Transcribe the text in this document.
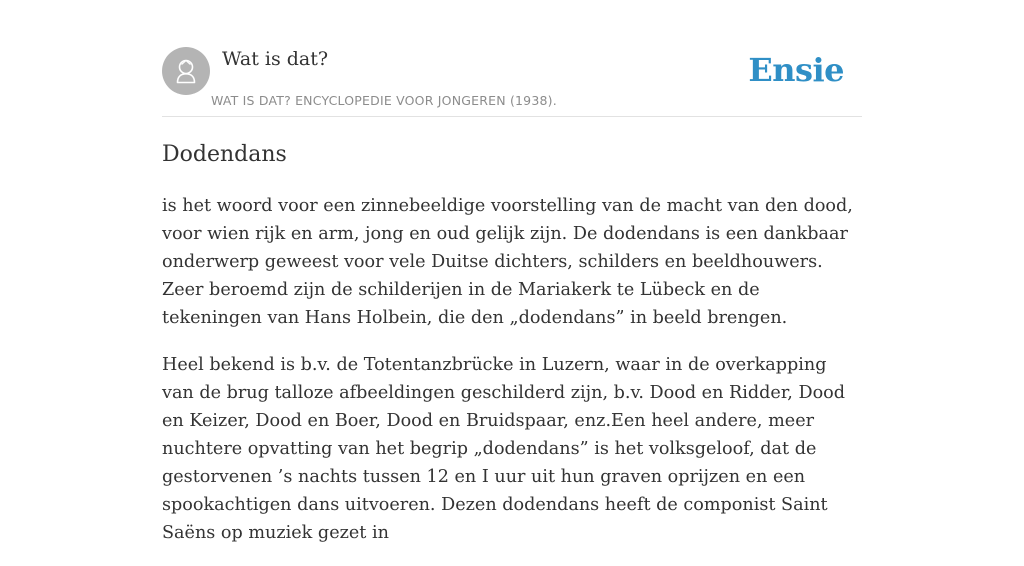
Wat is dat?
WAT IS DAT? ENCYCLOPEDIE VOOR JONGEREN (1938).
Ensie
Dodendans

is het woord voor een zinnebeeldige voorstelling van de macht van den dood, voor wien rijk en arm, jong en oud gelijk zijn. De dodendans is een dankbaar onderwerp geweest voor vele Duitse dichters, schilders en beeldhouwers. Zeer beroemd zijn de schilderijen in de Mariakerk te Lübeck en de tekeningen van Hans Holbein, die den „dodendans” in beeld brengen.

Heel bekend is b.v. de Totentanzbrücke in Luzern, waar in de overkapping van de brug talloze afbeeldingen geschilderd zijn, b.v. Dood en Ridder, Dood en Keizer, Dood en Boer, Dood en Bruidspaar, enz.Een heel andere, meer nuchtere opvatting van het begrip „dodendans” is het volksgeloof, dat de gestorvenen ’s nachts tussen 12 en I uur uit hun graven oprijzen en een spookachtigen dans uitvoeren. Dezen dodendans heeft de componist Saint Saëns op muziek gezet in
